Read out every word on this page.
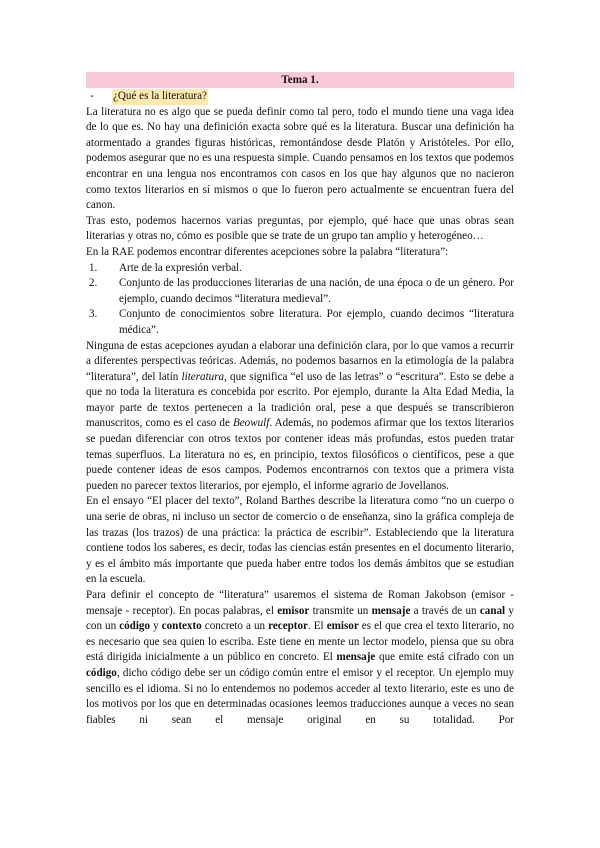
Tema 1.
- ¿Qué es la literatura?

La literatura no es algo que se pueda definir como tal pero, todo el mundo tiene una vaga idea de lo que es. No hay una definición exacta sobre qué es la literatura. Buscar una definición ha atormentado a grandes figuras históricas, remontándose desde Platón y Aristóteles. Por ello, podemos asegurar que no es una respuesta simple. Cuando pensamos en los textos que podemos encontrar en una lengua nos encontramos con casos en los que hay algunos que no nacieron como textos literarios en sí mismos o que lo fueron pero actualmente se encuentran fuera del canon.

Tras esto, podemos hacernos varias preguntas, por ejemplo, qué hace que unas obras sean literarias y otras no, cómo es posible que se trate de un grupo tan amplio y heterogéneo…

En la RAE podemos encontrar diferentes acepciones sobre la palabra “literatura”:

1. Arte de la expresión verbal.
2. Conjunto de las producciones literarias de una nación, de una época o de un género. Por ejemplo, cuando decimos “literatura medieval”.
3. Conjunto de conocimientos sobre literatura. Por ejemplo, cuando decimos “literatura médica”.

Ninguna de estas acepciones ayudan a elaborar una definición clara, por lo que vamos a recurrir a diferentes perspectivas teóricas. Además, no podemos basarnos en la etimología de la palabra “literatura”, del latín literatura, que significa “el uso de las letras” o “escritura”. Esto se debe a que no toda la literatura es concebida por escrito. Por ejemplo, durante la Alta Edad Media, la mayor parte de textos pertenecen a la tradición oral, pese a que después se transcribieron manuscritos, como es el caso de Beowulf. Además, no podemos afirmar que los textos literarios se puedan diferenciar con otros textos por contener ideas más profundas, estos pueden tratar temas superfluos. La literatura no es, en principio, textos filosóficos o científicos, pese a que puede contener ideas de esos campos. Podemos encontrarnos con textos que a primera vista pueden no parecer textos literarios, por ejemplo, el informe agrario de Jovellanos.

En el ensayo “El placer del texto”, Roland Barthes describe la literatura como “no un cuerpo o una serie de obras, ni incluso un sector de comercio o de enseñanza, sino la gráfica compleja de las trazas (los trazos) de una práctica: la práctica de escribir”. Estableciendo que la literatura contiene todos los saberes, es decir, todas las ciencias están presentes en el documento literario, y es el ámbito más importante que pueda haber entre todos los demás ámbitos que se estudian en la escuela.

Para definir el concepto de “literatura” usaremos el sistema de Roman Jakobson (emisor - mensaje - receptor). En pocas palabras, el emisor transmite un mensaje a través de un canal y con un código y contexto concreto a un receptor. El emisor es el que crea el texto literario, no es necesario que sea quien lo escriba. Este tiene en mente un lector modelo, piensa que su obra está dirigida inicialmente a un público en concreto. El mensaje que emite está cifrado con un código, dicho código debe ser un código común entre el emisor y el receptor. Un ejemplo muy sencillo es el idioma. Si no lo entendemos no podemos acceder al texto literario, este es uno de los motivos por los que en determinadas ocasiones leemos traducciones aunque a veces no sean fiables ni sean el mensaje original en su totalidad. Por
